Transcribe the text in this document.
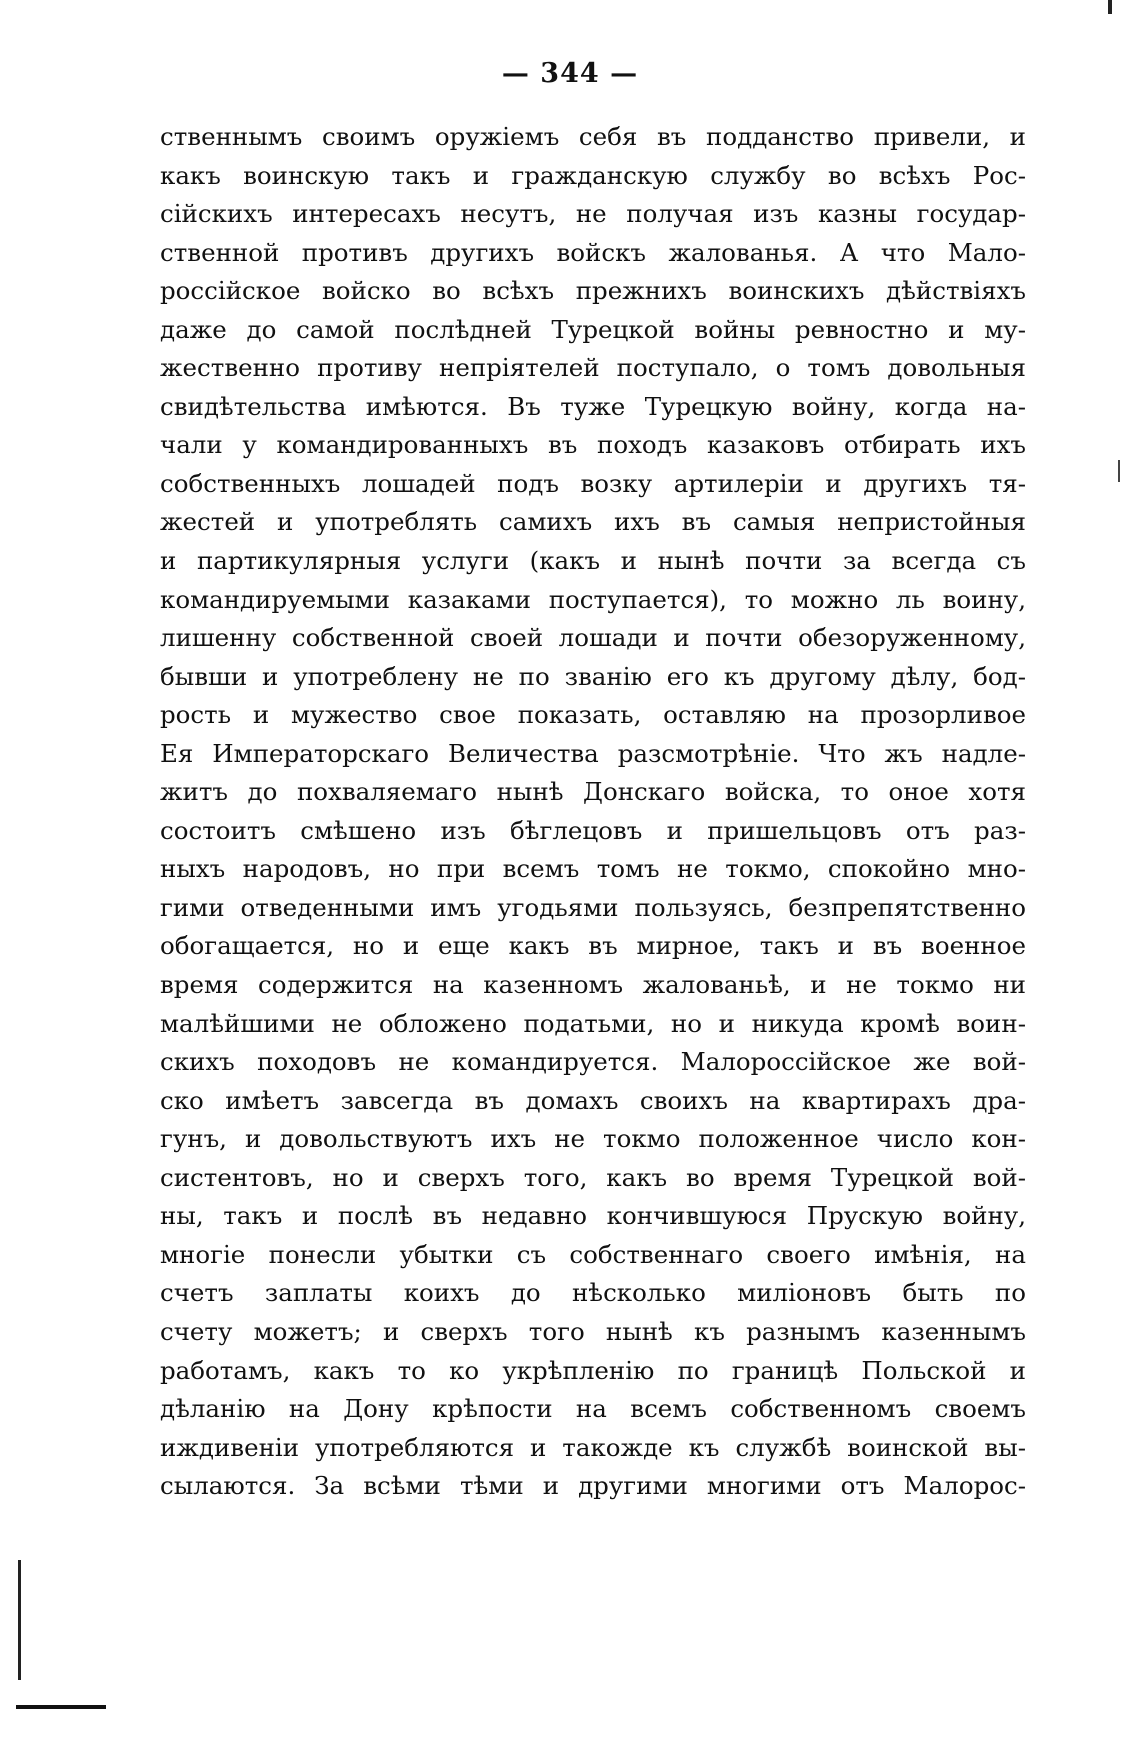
— 344 —
ственнымъ своимъ оружіемъ себя въ подданство привели, и
какъ воинскую такъ и гражданскую службу во всѣхъ Рос-
сійскихъ интересахъ несутъ, не получая изъ казны государ-
ственной противъ другихъ войскъ жалованья. А что Мало-
россійское войско во всѣхъ прежнихъ воинскихъ дѣйствіяхъ
даже до самой послѣдней Турецкой войны ревностно и му-
жественно противу непріятелей поступало, о томъ довольныя
свидѣтельства имѣются. Въ тужe Турецкую войну, когда на-
чали у командированныхъ въ походъ казаковъ отбирать ихъ
собственныхъ лошадей подъ возку артилеріи и другихъ тя-
жестей и употреблять самихъ ихъ въ самыя непристойныя
и партикулярныя услуги (какъ и нынѣ почти за всегда съ
командируемыми казаками поступается), то можно ль воину,
лишенну собственной своей лошади и почти обезоруженному,
бывши и употреблену не по званію его къ другому дѣлу, бод-
рость и мужество свое показать, оставляю на прозорливое
Ея Императорскаго Величества разсмотрѣніе. Что жъ надле-
житъ до похваляемаго нынѣ Донскаго войска, то оное хотя
состоитъ смѣшено изъ бѣглецовъ и пришельцовъ отъ раз-
ныхъ народовъ, но при всемъ томъ не токмо, спокойно мно-
гими отведенными имъ угодьями пользуясь, безпрепятственно
обогащается, но и еще какъ въ мирное, такъ и въ военное
время содержится на казенномъ жалованьѣ, и не токмо ни
малѣйшими не обложено податьми, но и никуда кромѣ воин-
скихъ походовъ не командируется. Малороссійское же вой-
ско имѣетъ завсегда въ домахъ своихъ на квартирахъ дра-
гунъ, и довольствуютъ ихъ не токмо положенное число кон-
систентовъ, но и сверхъ того, какъ во время Турецкой вой-
ны, такъ и послѣ въ недавно кончившуюся Прускую войну,
многіе понесли убытки съ собственнаго своего имѣнія, на
счетъ заплаты коихъ до нѣсколько милiоновъ быть по
счету можетъ; и сверхъ того нынѣ къ разнымъ казеннымъ
работамъ, какъ то ко укрѣпленію по границѣ Польской и
дѣланію на Дону крѣпости на всемъ собственномъ своемъ
иждивеніи употребляются и такожде къ службѣ воинской вы-
сылаются. За всѣми тѣми и другими многими отъ Малорос-
